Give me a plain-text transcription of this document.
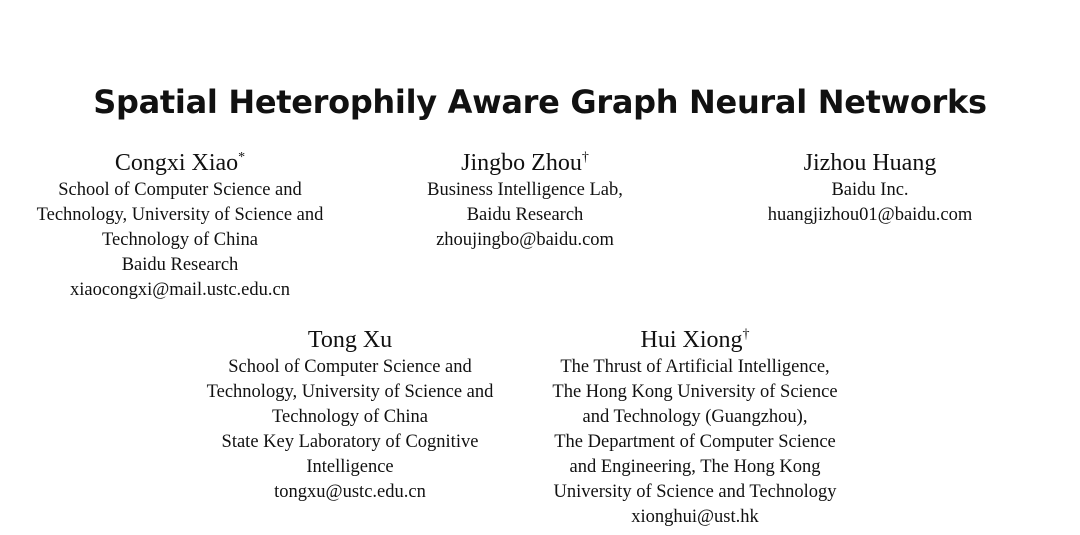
Spatial Heterophily Aware Graph Neural Networks
Congxi Xiao*
School of Computer Science and
Technology, University of Science and
Technology of China
Baidu Research
xiaocongxi@mail.ustc.edu.cn
Jingbo Zhou†
Business Intelligence Lab,
Baidu Research
zhoujingbo@baidu.com
Jizhou Huang
Baidu Inc.
huangjizhou01@baidu.com
Tong Xu
School of Computer Science and
Technology, University of Science and
Technology of China
State Key Laboratory of Cognitive
Intelligence
tongxu@ustc.edu.cn
Hui Xiong†
The Thrust of Artificial Intelligence,
The Hong Kong University of Science
and Technology (Guangzhou),
The Department of Computer Science
and Engineering, The Hong Kong
University of Science and Technology
xionghui@ust.hk
